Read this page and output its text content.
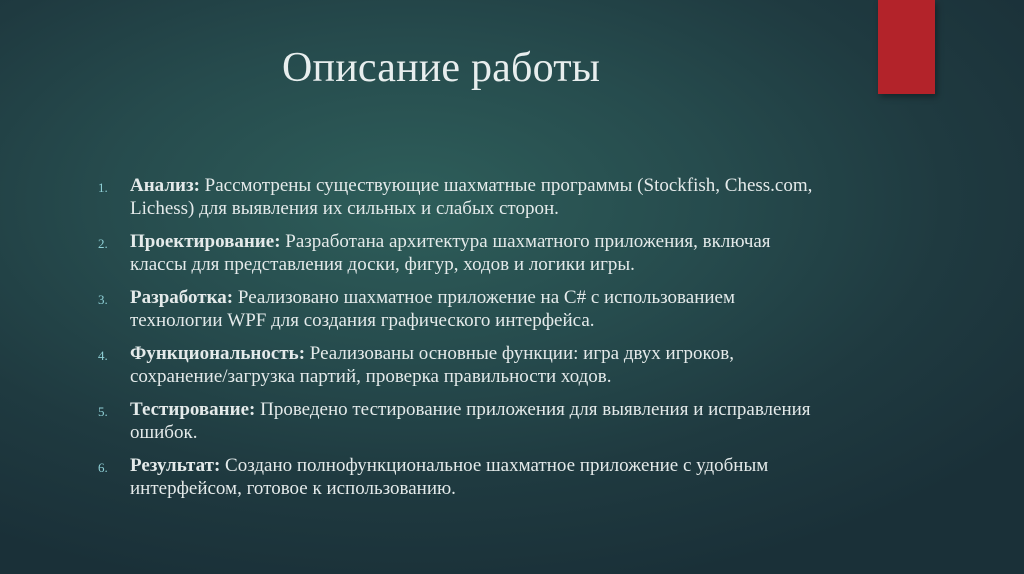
Описание работы
1.	Анализ: Рассмотрены существующие шахматные программы (Stockfish, Chess.com, Lichess) для выявления их сильных и слабых сторон.
2.	Проектирование: Разработана архитектура шахматного приложения, включая классы для представления доски, фигур, ходов и логики игры.
3.	Разработка: Реализовано шахматное приложение на C# с использованием технологии WPF для создания графического интерфейса.
4.	Функциональность: Реализованы основные функции: игра двух игроков, сохранение/загрузка партий, проверка правильности ходов.
5.	Тестирование: Проведено тестирование приложения для выявления и исправления ошибок.
6.	Результат: Создано полнофункциональное шахматное приложение с удобным интерфейсом, готовое к использованию.
